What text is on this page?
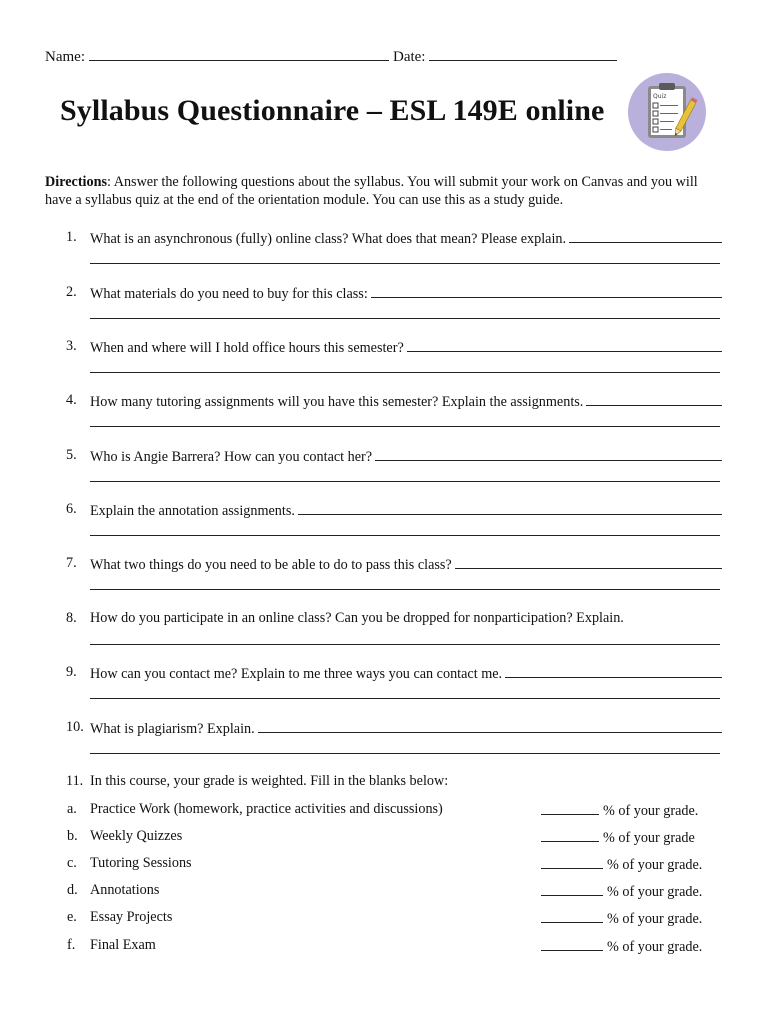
Name:	Date:
Syllabus Questionnaire – ESL 149E online	Quiz
Directions: Answer the following questions about the syllabus. You will submit your work on Canvas and you will have a syllabus quiz at the end of the orientation module. You can use this as a study guide.
1. What is an asynchronous (fully) online class? What does that mean? Please explain.
2. What materials do you need to buy for this class:
3. When and where will I hold office hours this semester?
4. How many tutoring assignments will you have this semester? Explain the assignments.
5. Who is Angie Barrera? How can you contact her?
6. Explain the annotation assignments.
7. What two things do you need to be able to do to pass this class?
8. How do you participate in an online class? Can you be dropped for nonparticipation? Explain.
9. How can you contact me? Explain to me three ways you can contact me.
10. What is plagiarism? Explain.
11. In this course, your grade is weighted. Fill in the blanks below:
a. Practice Work (homework, practice activities and discussions)	% of your grade.
b. Weekly Quizzes	% of your grade
c. Tutoring Sessions	% of your grade.
d. Annotations	% of your grade.
e. Essay Projects	% of your grade.
f. Final Exam	% of your grade.
